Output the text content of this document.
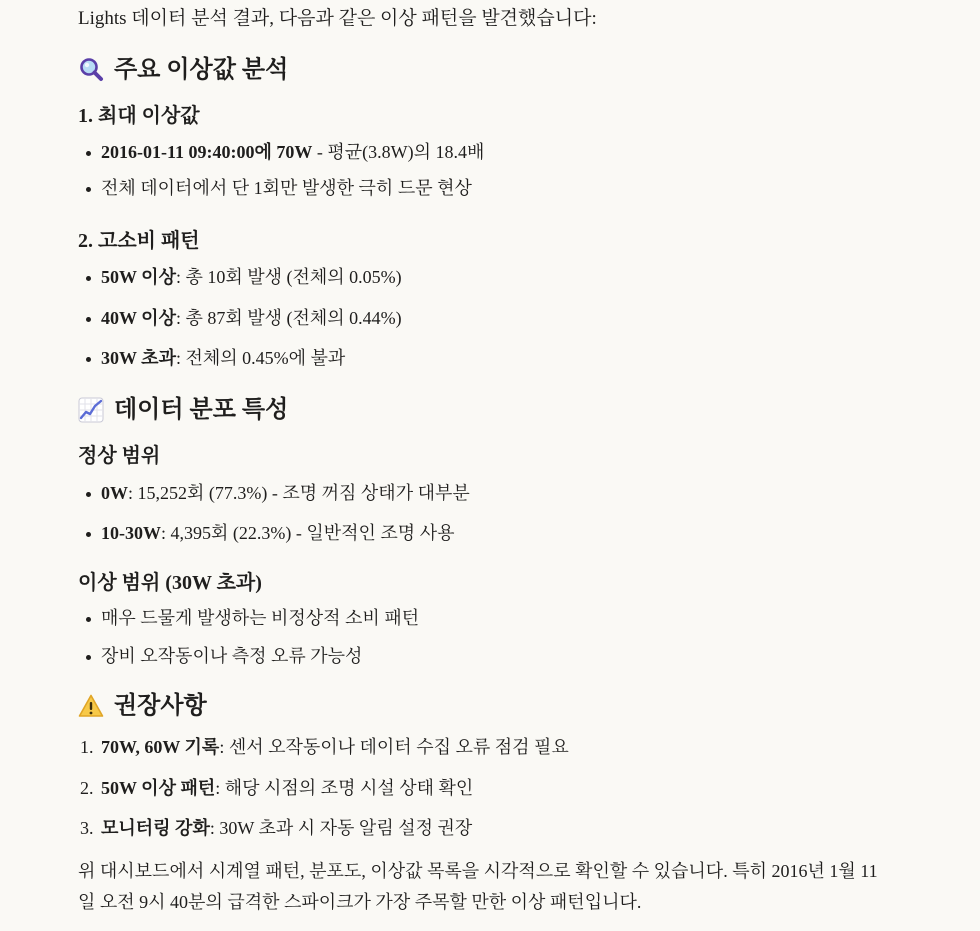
Lights 데이터 분석 결과, 다음과 같은 이상 패턴을 발견했습니다:

주요 이상값 분석
1. 최대 이상값
2016-01-11 09:40:00에 70W - 평균(3.8W)의 18.4배
전체 데이터에서 단 1회만 발생한 극히 드문 현상
2. 고소비 패턴
50W 이상: 총 10회 발생 (전체의 0.05%)
40W 이상: 총 87회 발생 (전체의 0.44%)
30W 초과: 전체의 0.45%에 불과
데이터 분포 특성
정상 범위
0W: 15,252회 (77.3%) - 조명 꺼짐 상태가 대부분
10-30W: 4,395회 (22.3%) - 일반적인 조명 사용
이상 범위 (30W 초과)
매우 드물게 발생하는 비정상적 소비 패턴
장비 오작동이나 측정 오류 가능성
권장사항
1. 70W, 60W 기록: 센서 오작동이나 데이터 수집 오류 점검 필요
2. 50W 이상 패턴: 해당 시점의 조명 시설 상태 확인
3. 모니터링 강화: 30W 초과 시 자동 알림 설정 권장

위 대시보드에서 시계열 패턴, 분포도, 이상값 목록을 시각적으로 확인할 수 있습니다. 특히 2016년 1월 11일 오전 9시 40분의 급격한 스파이크가 가장 주목할 만한 이상 패턴입니다.
